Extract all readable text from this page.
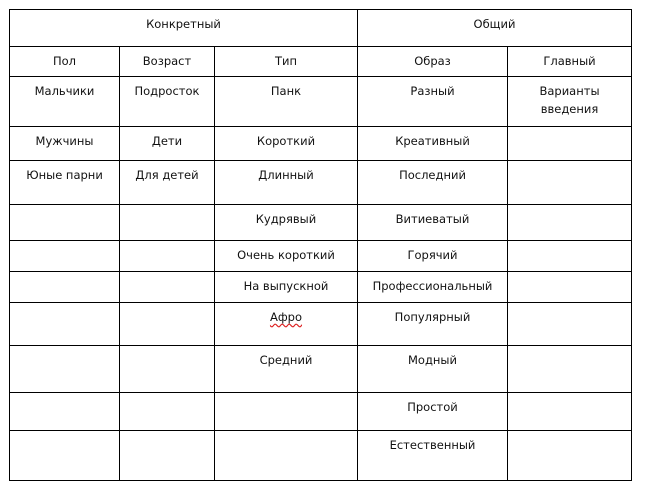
Конкретный			Общий	
Пол	Возраст	Тип	Образ	Главный
Мальчики	Подросток	Панк	Разный	Варианты введения
Мужчины	Дети	Короткий	Креативный	
Юные парни	Для детей	Длинный	Последний	
		Кудрявый	Витиеватый	
		Очень короткий	Горячий	
		На выпускной	Профессиональный	
		Афро	Популярный	
		Средний	Модный	
			Простой	
			Естественный	
